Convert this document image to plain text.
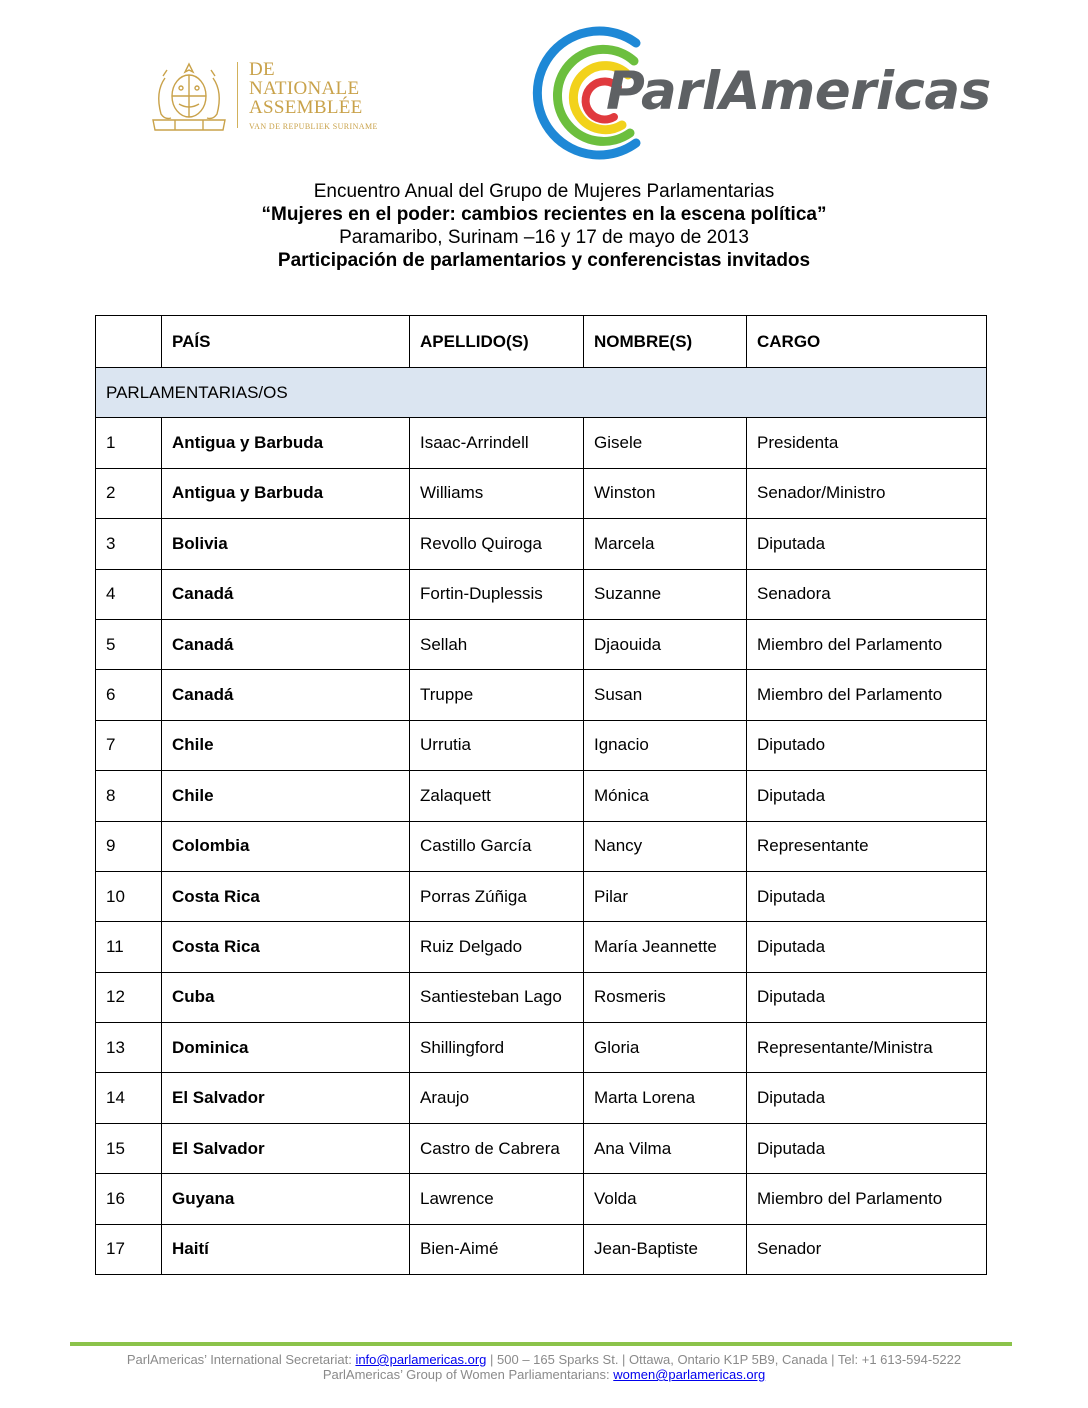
DE
NATIONALE
ASSEMBLÉE
VAN DE REPUBLIEK SURINAME
ParlAmericas
Encuentro Anual del Grupo de Mujeres Parlamentarias
“Mujeres en el poder: cambios recientes en la escena política”
Paramaribo, Surinam –16 y 17 de mayo de 2013
Participación de parlamentarios y conferencistas invitados
	PAÍS	APELLIDO(S)	NOMBRE(S)	CARGO
PARLAMENTARIAS/OS				
1	Antigua y Barbuda	Isaac-Arrindell	Gisele	Presidenta
2	Antigua y Barbuda	Williams	Winston	Senador/Ministro
3	Bolivia	Revollo Quiroga	Marcela	Diputada
4	Canadá	Fortin-Duplessis	Suzanne	Senadora
5	Canadá	Sellah	Djaouida	Miembro del Parlamento
6	Canadá	Truppe	Susan	Miembro del Parlamento
7	Chile	Urrutia	Ignacio	Diputado
8	Chile	Zalaquett	Mónica	Diputada
9	Colombia	Castillo García	Nancy	Representante
10	Costa Rica	Porras Zúñiga	Pilar	Diputada
11	Costa Rica	Ruiz Delgado	María Jeannette	Diputada
12	Cuba	Santiesteban Lago	Rosmeris	Diputada
13	Dominica	Shillingford	Gloria	Representante/Ministra
14	El Salvador	Araujo	Marta Lorena	Diputada
15	El Salvador	Castro de Cabrera	Ana Vilma	Diputada
16	Guyana	Lawrence	Volda	Miembro del Parlamento
17	Haití	Bien-Aimé	Jean-Baptiste	Senador
ParlAmericas’ International Secretariat: info@parlamericas.org | 500 – 165 Sparks St. | Ottawa, Ontario K1P 5B9, Canada | Tel: +1 613-594-5222
ParlAmericas’ Group of Women Parliamentarians: women@parlamericas.org
